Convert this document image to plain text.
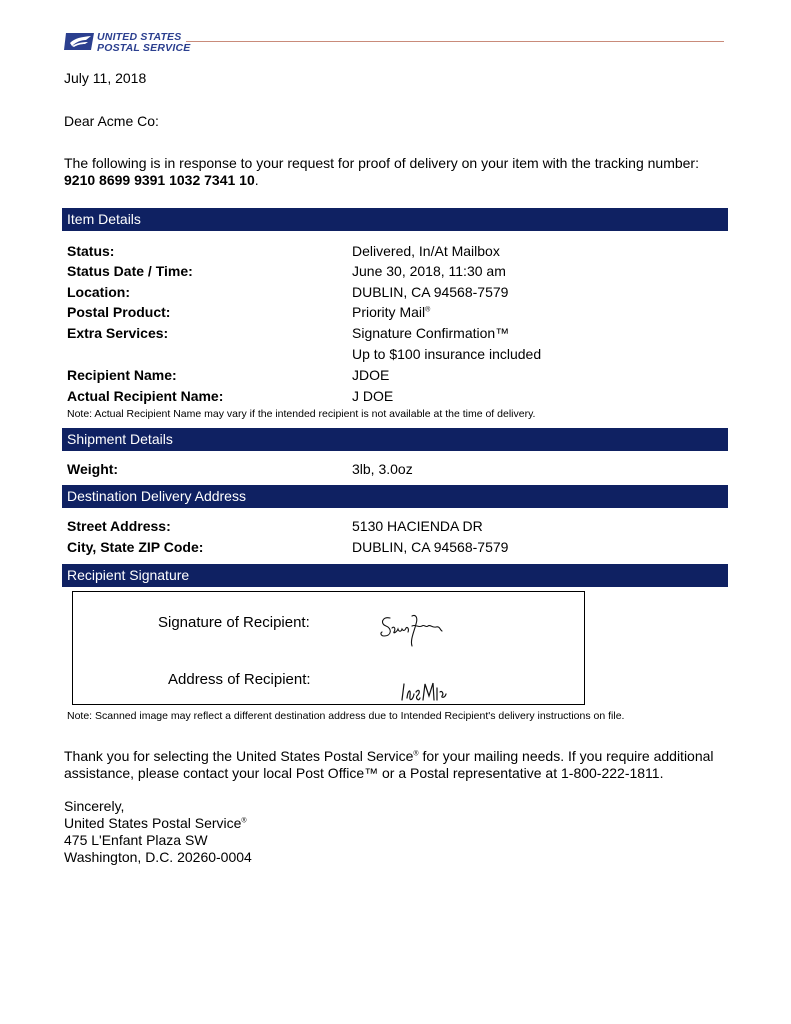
UNITED STATES
POSTAL SERVICE
July 11, 2018
Dear Acme Co:
The following is in response to your request for proof of delivery on your item with the tracking number:
9210 8699 9391 1032 7341 10.
Item Details
Status:	Delivered, In/At Mailbox
Status Date / Time:	June 30, 2018, 11:30 am
Location:	DUBLIN, CA 94568-7579
Postal Product:	Priority Mail®
Extra Services:	Signature Confirmation™
Up to $100 insurance included
Recipient Name:	JDOE
Actual Recipient Name:	J DOE
Note: Actual Recipient Name may vary if the intended recipient is not available at the time of delivery.
Shipment Details
Weight:	3lb, 3.0oz
Destination Delivery Address
Street Address:	5130 HACIENDA DR
City, State ZIP Code:	DUBLIN, CA 94568-7579
Recipient Signature
Signature of Recipient:
Address of Recipient:
Note: Scanned image may reflect a different destination address due to Intended Recipient's delivery instructions on file.
Thank you for selecting the United States Postal Service® for your mailing needs. If you require additional assistance, please contact your local Post Office™ or a Postal representative at 1-800-222-1811.
Sincerely,
United States Postal Service®
475 L'Enfant Plaza SW
Washington, D.C. 20260-0004
